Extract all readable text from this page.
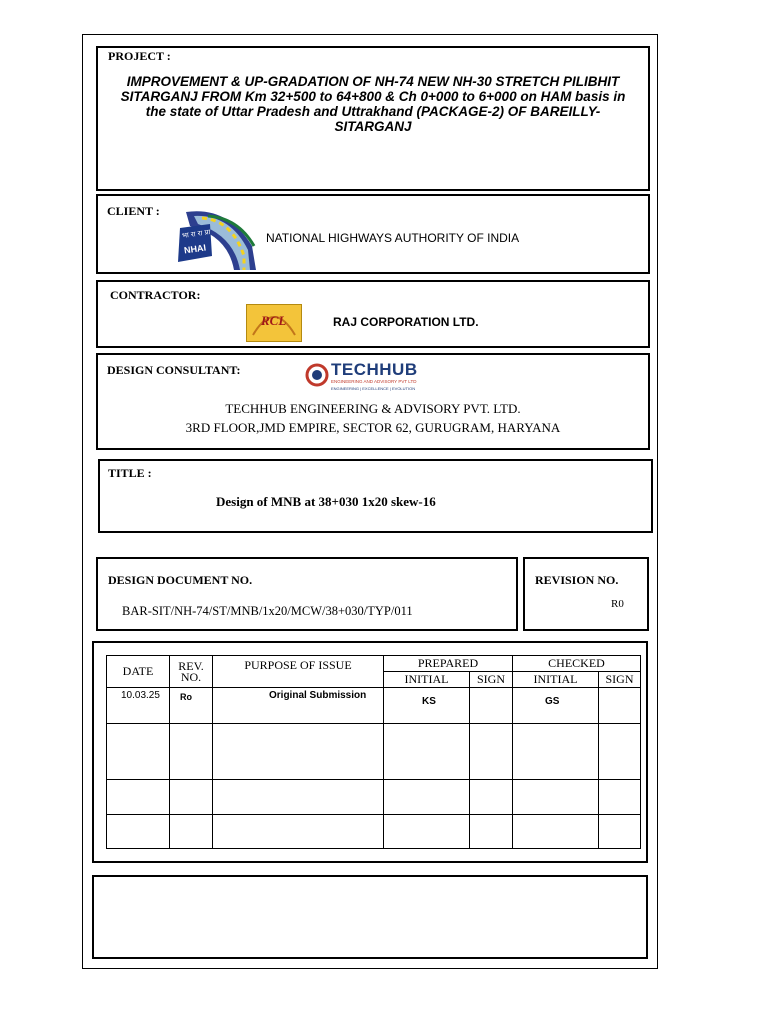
PROJECT :
IMPROVEMENT & UP-GRADATION OF NH-74 NEW NH-30 STRETCH PILIBHIT
SITARGANJ FROM Km 32+500 to 64+800 & Ch 0+000 to 6+000 on HAM basis in
the state of Uttar Pradesh and Uttrakhand (PACKAGE-2) OF BAREILLY-
SITARGANJ
CLIENT :
भा रा रा प्रा
NHAI
NATIONAL HIGHWAYS AUTHORITY OF INDIA
CONTRACTOR:
RCL	RAJ CORPORATION LTD.
DESIGN CONSULTANT:	TECHHUB
ENGINEERING AND ADVISORY PVT LTD
ENGINEERING | EXCELLENCE | EVOLUTION
TECHHUB ENGINEERING & ADVISORY PVT. LTD.
3RD FLOOR,JMD EMPIRE, SECTOR 62, GURUGRAM, HARYANA
TITLE :
Design of MNB at 38+030 1x20 skew-16
DESIGN DOCUMENT NO.
BAR-SIT/NH-74/ST/MNB/1x20/MCW/38+030/TYP/011
REVISION NO.
R0
DATE	REV. NO.	PURPOSE OF ISSUE	PREPARED		CHECKED	
			INITIAL	SIGN	INITIAL	SIGN
10.03.25	Ro	Original Submission	KS		GS	
